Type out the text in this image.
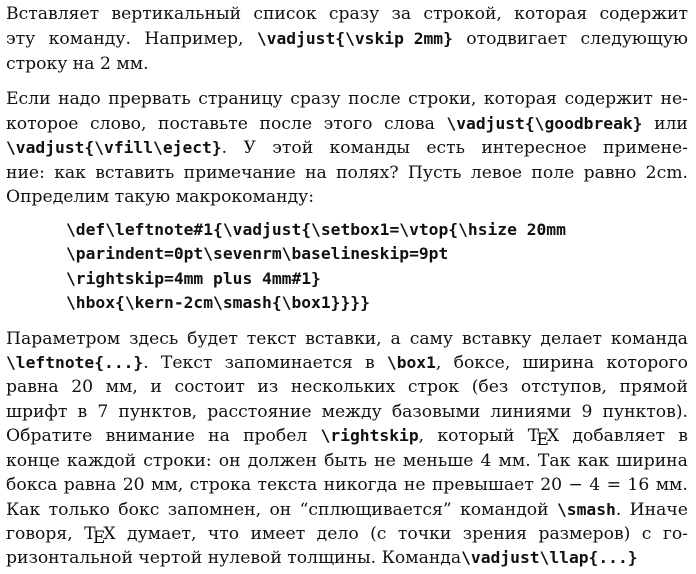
Вставляет вертикальный список сразу за строкой, которая содержит
эту команду. Например, \vadjust{\vskip 2mm} отодвигает следующую
строку на 2 мм.
Если надо прервать страницу сразу после строки, которая содержит не-
которое слово, поставьте после этого слова \vadjust{\goodbreak} или
\vadjust{\vfill\eject}. У этой команды есть интересное примене-
ние: как вставить примечание на полях? Пусть левое поле равно 2cm.
Определим такую макрокоманду:
\def\leftnote#1{\vadjust{\setbox1=\vtop{\hsize 20mm
\parindent=0pt\sevenrm\baselineskip=9pt
\rightskip=4mm plus 4mm#1}
\hbox{\kern-2cm\smash{\box1}}}}
Параметром здесь будет текст вставки, а саму вставку делает команда
\leftnote{...}. Текст запоминается в \box1, боксе, ширина которого
равна 20 мм, и состоит из нескольких строк (без отступов, прямой
шрифт в 7 пунктов, расстояние между базовыми линиями 9 пунктов).
Обратите внимание на пробел \rightskip, который TEX добавляет в
конце каждой строки: он должен быть не меньше 4 мм. Так как ширина
бокса равна 20 мм, строка текста никогда не превышает 20 − 4 = 16 мм.
Как только бокс запомнен, он “сплющивается” командой \smash. Иначе
говоря, TEX думает, что имеет дело (с точки зрения размеров) с го-
ризонтальной чертой нулевой толщины. Команда \vadjust\llap{...}
